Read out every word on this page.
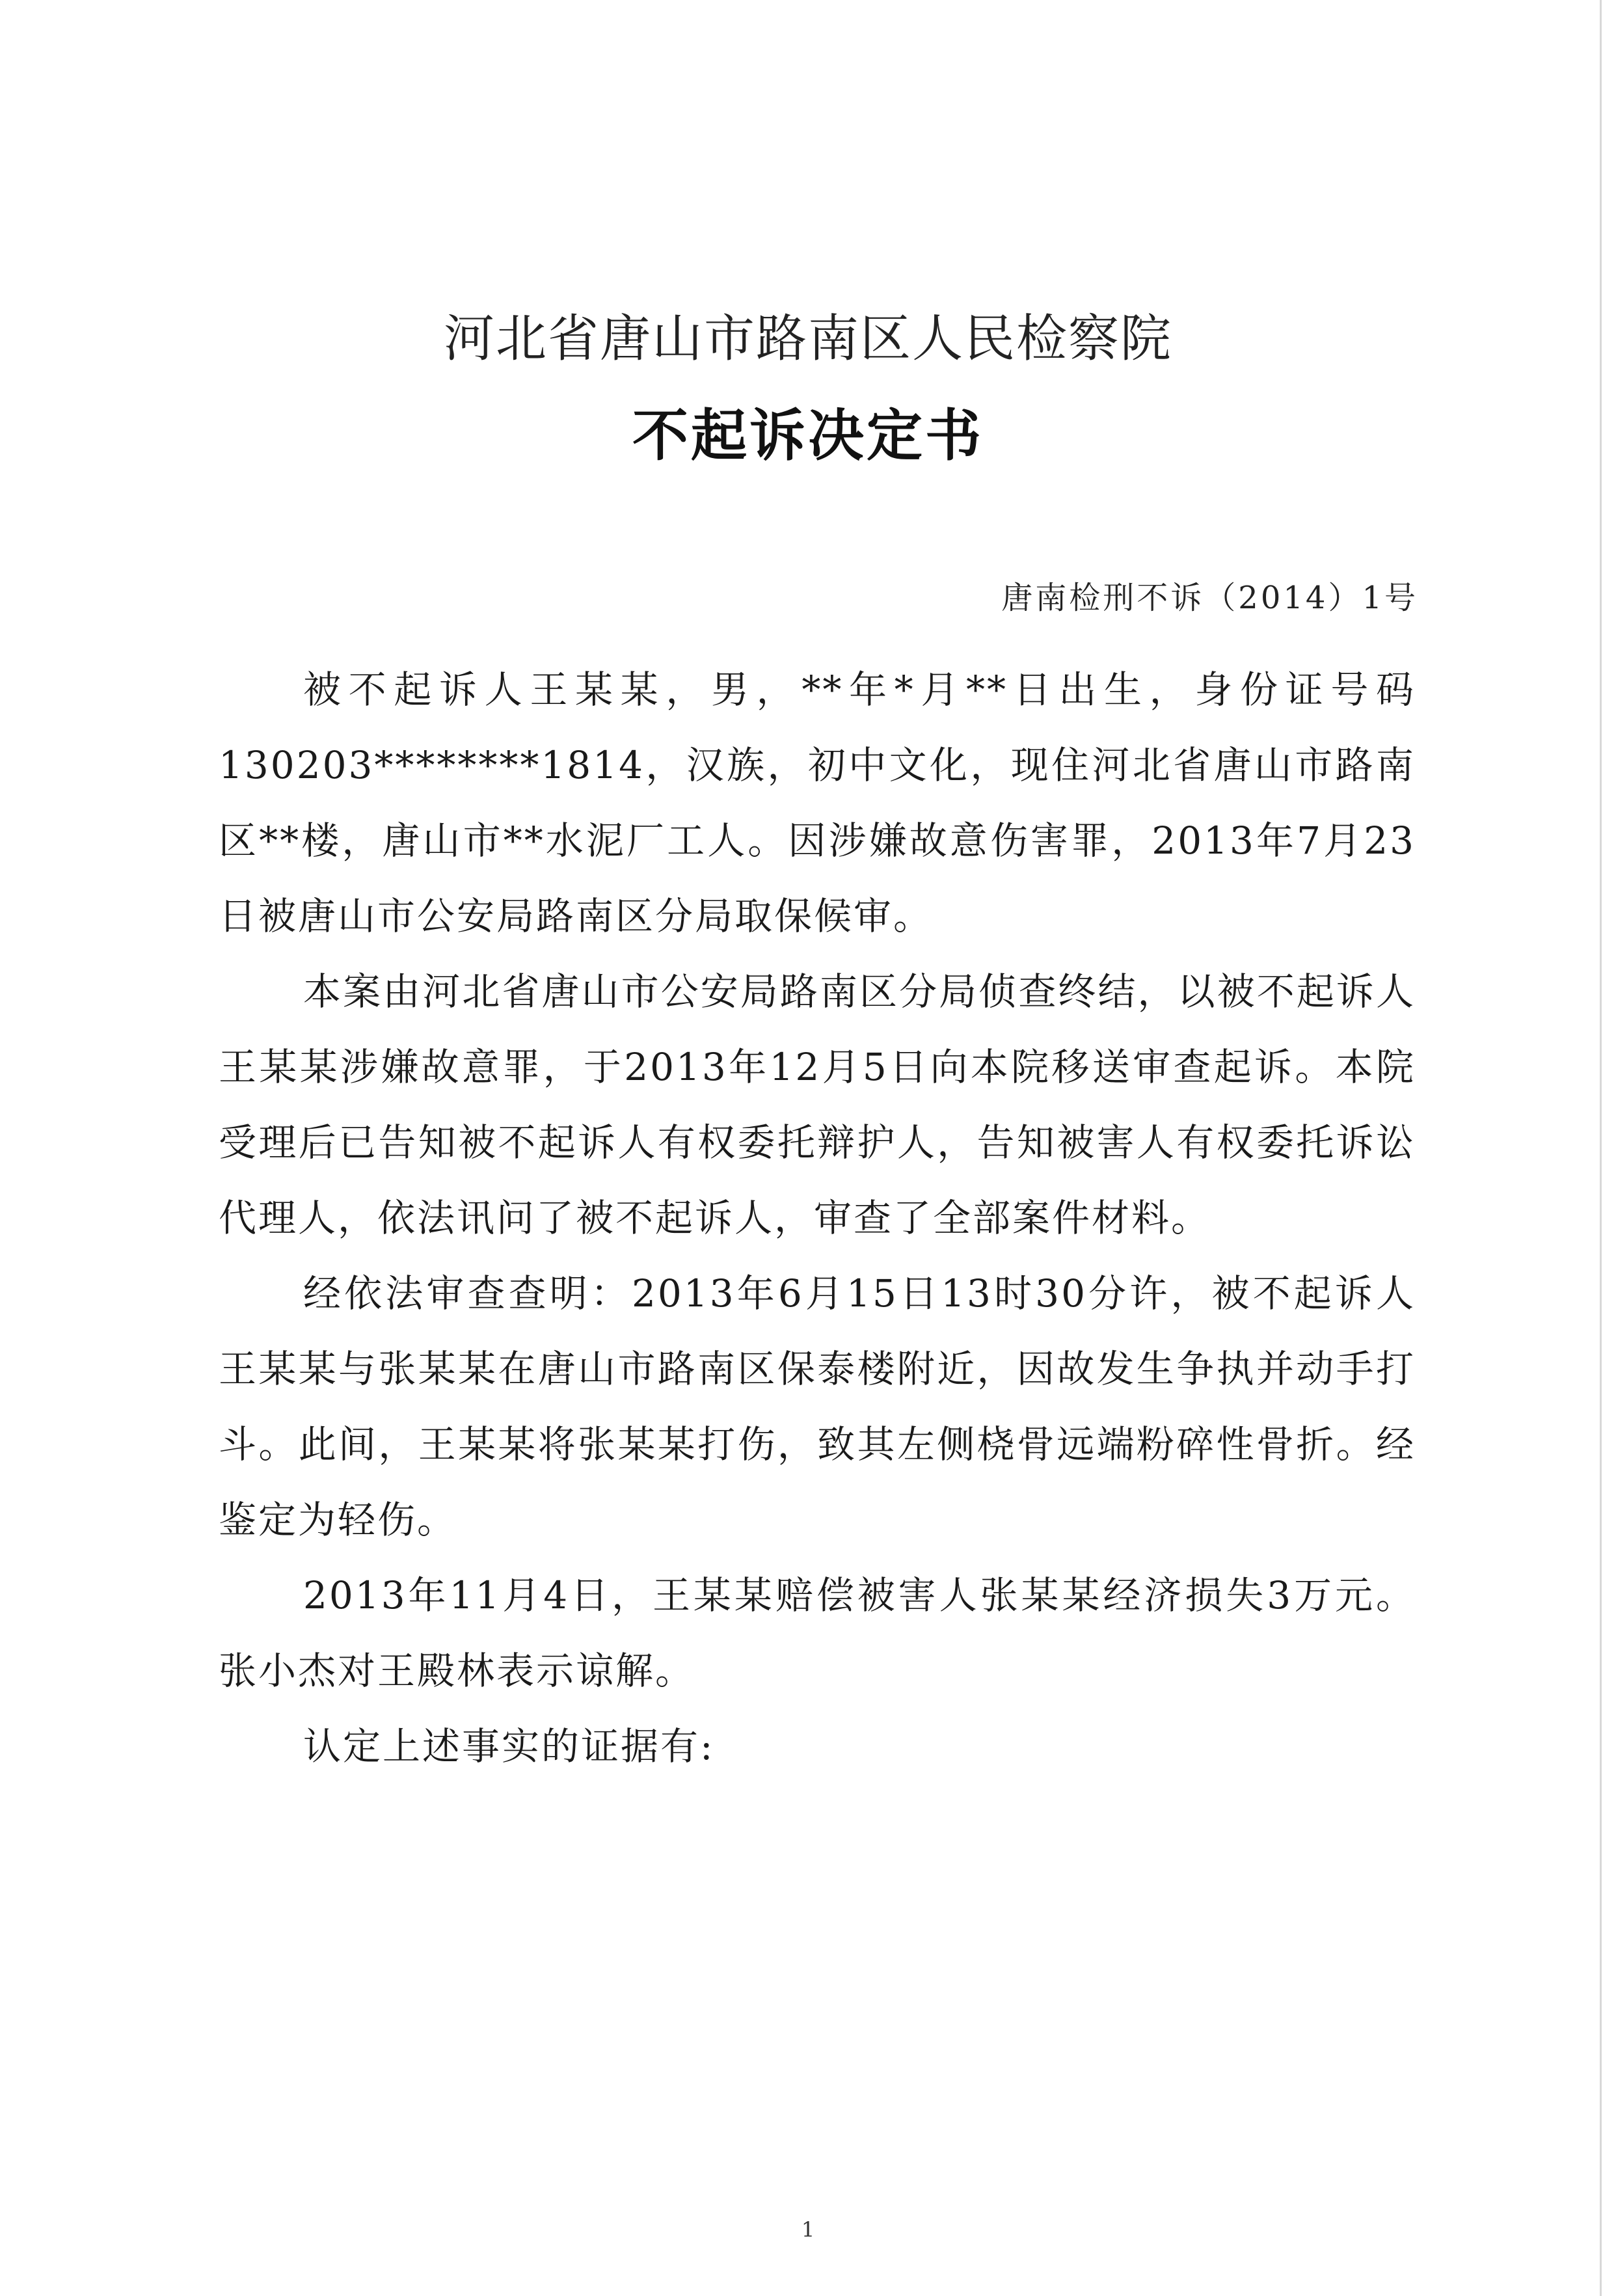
河北省唐山市路南区人民检察院
不起诉决定书
唐南检刑不诉（2014）1号

被不起诉人王某某，男，**年*月**日出生，身份证号码130203********1814，汉族，初中文化，现住河北省唐山市路南区**楼，唐山市**水泥厂工人。因涉嫌故意伤害罪，2013年7月23日被唐山市公安局路南区分局取保候审。

本案由河北省唐山市公安局路南区分局侦查终结，以被不起诉人王某某涉嫌故意罪，于2013年12月5日向本院移送审查起诉。本院受理后已告知被不起诉人有权委托辩护人，告知被害人有权委托诉讼代理人，依法讯问了被不起诉人，审查了全部案件材料。

经依法审查查明：2013年6月15日13时30分许，被不起诉人王某某与张某某在唐山市路南区保泰楼附近，因故发生争执并动手打斗。此间，王某某将张某某打伤，致其左侧桡骨远端粉碎性骨折。经鉴定为轻伤。

2013年11月4日，王某某赔偿被害人张某某经济损失3万元。张小杰对王殿林表示谅解。

认定上述事实的证据有:

1
